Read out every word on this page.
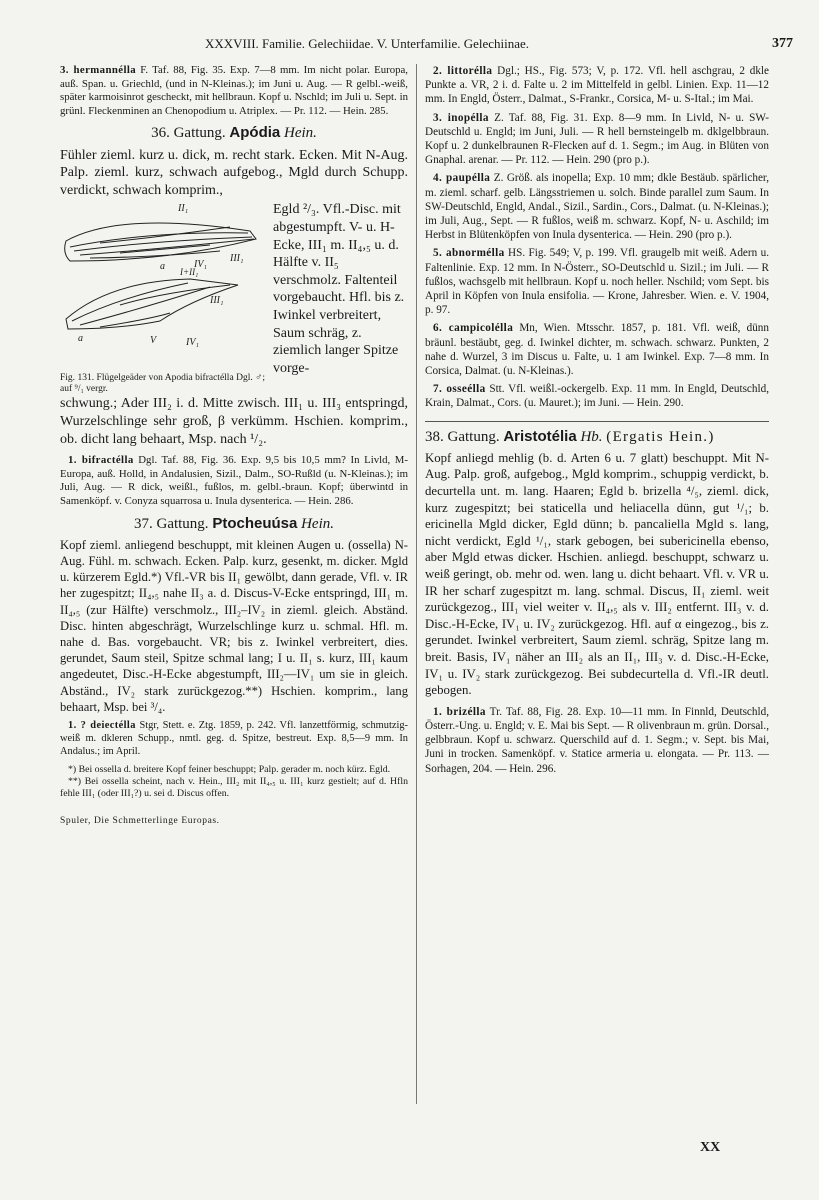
XXXVIII. Familie. Gelechiidae. V. Unterfamilie. Gelechiinae.	377

3. hermannélla F. Taf. 88, Fig. 35. Exp. 7—8 mm. Im nicht polar. Europa, auß. Span. u. Griechld, (und in N-Kleinas.); im Juni u. Aug. — R gelbl.-weiß, später karmoisinrot gescheckt, mit hellbraun. Kopf u. Nschld; im Juli u. Sept. in grünl. Fleckenminen an Chenopodium u. Atriplex. — Pr. 112. — Hein. 285.

36. Gattung. Apódia Hein.

Fühler zieml. kurz u. dick, m. recht stark. Ecken. Mit N-Aug. Palp. zieml. kurz, schwach aufgebog., Mgld durch Schupp. verdickt, schwach komprim.,

II₁
III₁
a	IV₁
I+II₁
III₁
V
a	IV₁
Fig. 131. Flügelgeäder von Apodia bifractélla Dgl. ♂; auf ⁹/₁ vergr.
Egld ²/₃. Vfl.-Disc. mit abgestumpft. V- u. H-Ecke, III₁ m. II₄,₅ u. d. Hälfte v. II₅ verschmolz. Faltenteil vorgebaucht. Hfl. bis z. Iwinkel verbreitert, Saum schräg, z. ziemlich langer Spitze vorge-

schwung.; Ader III₂ i. d. Mitte zwisch. III₁ u. III₃ entspringd, Wurzelschlinge sehr groß, β verkümm. Hschien. komprim., ob. dicht lang behaart, Msp. nach ¹/₂.

1. bifractélla Dgl. Taf. 88, Fig. 36. Exp. 9,5 bis 10,5 mm? In Livld, M-Europa, auß. Holld, in Andalusien, Sizil., Dalm., SO-Rußld (u. N-Kleinas.); im Juli, Aug. — R dick, weißl., fußlos, m. gelbl.-braun. Kopf; überwintd in Samenköpf. v. Conyza squarrosa u. Inula dysenterica. — Hein. 286.

37. Gattung. Ptocheuúsa Hein.

Kopf zieml. anliegend beschuppt, mit kleinen Augen u. (ossella) N-Aug. Fühl. m. schwach. Ecken. Palp. kurz, gesenkt, m. dicker. Mgld u. kürzerem Egld.*) Vfl.-VR bis II₁ gewölbt, dann gerade, Vfl. v. IR her zugespitzt; II₄,₅ nahe II₃ a. d. Discus-V-Ecke entspringd, III₁ m. II₄,₅ (zur Hälfte) verschmolz., III₂–IV₂ in zieml. gleich. Abständ. Disc. hinten abgeschrägt, Wurzelschlinge kurz u. schmal. Hfl. m. nahe d. Bas. vorgebaucht. VR; bis z. Iwinkel verbreitert, dies. gerundet, Saum steil, Spitze schmal lang; I u. II₁ s. kurz, III₁ kaum angedeutet, Disc.-H-Ecke abgestumpft, III₂—IV₁ um sie in gleich. Abständ., IV₂ stark zurückgezog.**) Hschien. komprim., lang behaart, Msp. bei ³/₄.

1. ? deiectélla Stgr, Stett. e. Ztg. 1859, p. 242. Vfl. lanzettförmig, schmutzig-weiß m. dkleren Schupp., nmtl. geg. d. Spitze, bestreut. Exp. 8,5—9 mm. In Andalus.; im April.

*) Bei ossella d. breitere Kopf feiner beschuppt; Palp. gerader m. noch kürz. Egld.

**) Bei ossella scheint, nach v. Hein., III₂ mit II₄,₅ u. III₁ kurz gestielt; auf d. Hfln fehle III₁ (oder III₁?) u. sei d. Discus offen.

Spuler, Die Schmetterlinge Europas.

2. littorélla Dgl.; HS., Fig. 573; V, p. 172. Vfl. hell aschgrau, 2 dkle Punkte a. VR, 2 i. d. Falte u. 2 im Mittelfeld in gelbl. Linien. Exp. 11—12 mm. In Engld, Österr., Dalmat., S-Frankr., Corsica, M- u. S-Ital.; im Mai.

3. inopélla Z. Taf. 88, Fig. 31. Exp. 8—9 mm. In Livld, N- u. SW-Deutschld u. Engld; im Juni, Juli. — R hell bernsteingelb m. dklgelbbraun. Kopf u. 2 dunkelbraunen R-Flecken auf d. 1. Segm.; im Aug. in Blüten von Gnaphal. arenar. — Pr. 112. — Hein. 290 (pro p.).

4. paupélla Z. Größ. als inopella; Exp. 10 mm; dkle Bestäub. spärlicher, m. zieml. scharf. gelb. Längsstriemen u. solch. Binde parallel zum Saum. In SW-Deutschld, Engld, Andal., Sizil., Sardin., Cors., Dalmat. (u. N-Kleinas.); im Juli, Aug., Sept. — R fußlos, weiß m. schwarz. Kopf, N- u. Aschild; im Herbst in Blütenköpfen von Inula dysenterica. — Hein. 290 (pro p.).

5. abnormélla HS. Fig. 549; V, p. 199. Vfl. graugelb mit weiß. Adern u. Faltenlinie. Exp. 12 mm. In N-Österr., SO-Deutschld u. Sizil.; im Juli. — R fußlos, wachsgelb mit hellbraun. Kopf u. noch heller. Nschild; vom Sept. bis April in Köpfen von Inula ensifolia. — Krone, Jahresber. Wien. e. V. 1904, p. 97.

6. campicolélla Mn, Wien. Mtsschr. 1857, p. 181. Vfl. weiß, dünn bräunl. bestäubt, geg. d. Iwinkel dichter, m. schwach. schwarz. Punkten, 2 nahe d. Wurzel, 3 im Discus u. Falte, u. 1 am Iwinkel. Exp. 7—8 mm. In Corsica, Dalmat. (u. N-Kleinas.).

7. osseélla Stt. Vfl. weißl.-ockergelb. Exp. 11 mm. In Engld, Deutschld, Krain, Dalmat., Cors. (u. Mauret.); im Juni. — Hein. 290.

38. Gattung. Aristotélia Hb. (Ergatis Hein.)

Kopf anliegd mehlig (b. d. Arten 6 u. 7 glatt) beschuppt. Mit N-Aug. Palp. groß, aufgebog., Mgld komprim., schuppig verdickt, b. decurtella unt. m. lang. Haaren; Egld b. brizella ⁴/₅, zieml. dick, kurz zugespitzt; bei staticella und heliacella dünn, gut ¹/₁; b. ericinella Mgld dicker, Egld dünn; b. pancaliella Mgld s. lang, nicht verdickt, Egld ¹/₁, stark gebogen, bei subericinella ebenso, aber Mgld etwas dicker. Hschien. anliegd. beschuppt, schwarz u. weiß geringt, ob. mehr od. wen. lang u. dicht behaart. Vfl. v. VR u. IR her scharf zugespitzt m. lang. schmal. Discus, II₁ zieml. weit zurückgezog., III₁ viel weiter v. II₄,₅ als v. III₂ entfernt. III₃ v. d. Disc.-H-Ecke, IV₁ u. IV₂ zurückgezog. Hfl. auf α eingezog., bis z. gerundet. Iwinkel verbreitert, Saum zieml. schräg, Spitze lang m. breit. Basis, IV₁ näher an III₂ als an II₁, III₃ v. d. Disc.-H-Ecke, IV₁ u. IV₂ stark zurückgezog. Bei subdecurtella d. Vfl.-IR deutl. gebogen.

1. brizélla Tr. Taf. 88, Fig. 28. Exp. 10—11 mm. In Finnld, Deutschld, Österr.-Ung. u. Engld; v. E. Mai bis Sept. — R olivenbraun m. grün. Dorsal., gelbbraun. Kopf u. schwarz. Querschild auf d. 1. Segm.; v. Sept. bis Mai, Juni in trocken. Samenköpf. v. Statice armeria u. elongata. — Pr. 113. — Sorhagen, 204. — Hein. 296.

XX
